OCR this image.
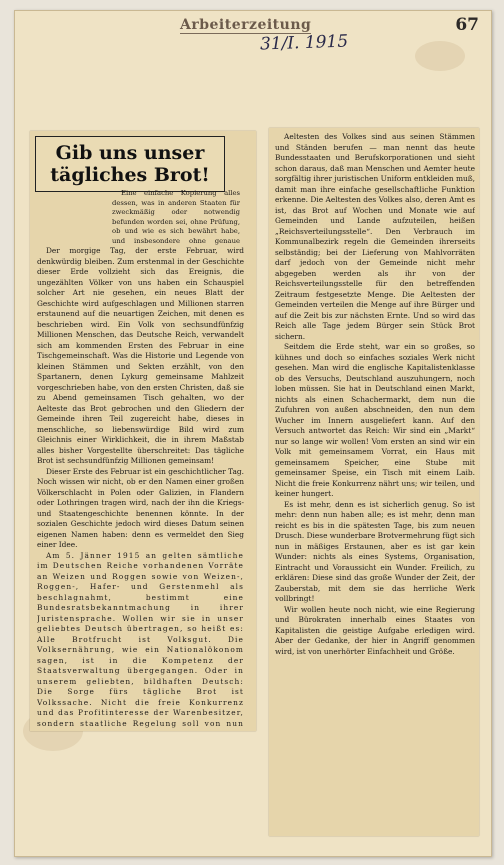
Arbeiterzeitung	67
31/I. 1915
Gib uns unser tägliches Brot!

Eine einfache Kopierung alles dessen, was in anderen Staaten für zweckmäßig oder notwendig befunden worden sei, ohne Prüfung, ob und wie es sich bewährt habe, und insbesondere ohne genaue

Der morgige Tag, der erste Februar, wird denkwürdig bleiben. Zum erstenmal in der Geschichte dieser Erde vollzieht sich das Ereignis, die ungezählten Völker von uns haben ein Schauspiel solcher Art nie gesehen, ein neues Blatt der Geschichte wird aufgeschlagen und Millionen starren erstaunend auf die neuartigen Zeichen, mit denen es beschrieben wird. Ein Volk von sechsundfünfzig Millionen Menschen, das Deutsche Reich, verwandelt sich am kommenden Ersten des Februar in eine Tischgemeinschaft. Was die Historie und Legende von kleinen Stämmen und Sekten erzählt, von den Spartanern, denen Lykurg gemeinsame Mahlzeit vorgeschrieben habe, von den ersten Christen, daß sie zu Abend gemeinsamen Tisch gehalten, wo der Aelteste das Brot gebrochen und den Gliedern der Gemeinde ihren Teil zugereicht habe, dieses in menschliche, so liebenswürdige Bild wird zum Gleichnis einer Wirklichkeit, die in ihrem Maßstab alles bisher Vorgestellte überschreitet: Das tägliche Brot ist sechsundfünfzig Millionen gemeinsam!

Dieser Erste des Februar ist ein geschichtlicher Tag. Noch wissen wir nicht, ob er den Namen einer großen Völkerschlacht in Polen oder Galizien, in Flandern oder Lothringen tragen wird, nach der ihn die Kriegs- und Staatengeschichte benennen könnte. In der sozialen Geschichte jedoch wird dieses Datum seinen eigenen Namen haben: denn es vermeldet den Sieg einer Idee.

Am 5. Jänner 1915 an gelten sämtliche im Deutschen Reiche vorhandenen Vorräte an Weizen und Roggen sowie von Weizen-, Roggen-, Hafer- und Gerstenmehl als beschlagnahmt, bestimmt eine Bundesratsbekanntmachung in ihrer Juristensprache. Wollen wir sie in unser geliebtes Deutsch übertragen, so heißt es: Alle Brotfrucht ist Volksgut. Die Volksernährung, wie ein Nationalökonom sagen, ist in die Kompetenz der Staatsverwaltung übergegangen. Oder in unserem geliebten, bildhaften Deutsch: Die Sorge fürs tägliche Brot ist Volkssache. Nicht die freie Konkurrenz und das Profitinteresse der Warenbesitzer, sondern staatliche Regelung soll von nun

Aeltesten des Volkes sind aus seinen Stämmen und Ständen berufen — man nennt das heute Bundesstaaten und Berufskorporationen und sieht schon daraus, daß man Menschen und Aemter heute sorgfältig ihrer juristischen Uniform entkleiden muß, damit man ihre einfache gesellschaftliche Funktion erkenne. Die Aeltesten des Volkes also, deren Amt es ist, das Brot auf Wochen und Monate wie auf Gemeinden und Lande aufzuteilen, heißen „Reichsverteilungsstelle“. Den Verbrauch im Kommunalbezirk regeln die Gemeinden ihrerseits selbständig; bei der Lieferung von Mahlvorräten darf jedoch von der Gemeinde nicht mehr abgegeben werden als ihr von der Reichsverteilungsstelle für den betreffenden Zeitraum festgesetzte Menge. Die Aeltesten der Gemeinden verteilen die Menge auf ihre Bürger und auf die Zeit bis zur nächsten Ernte. Und so wird das Reich alle Tage jedem Bürger sein Stück Brot sichern.

Seitdem die Erde steht, war ein so großes, so kühnes und doch so einfaches soziales Werk nicht gesehen. Man wird die englische Kapitalistenklasse ob des Versuchs, Deutschland auszuhungern, noch loben müssen. Sie hat in Deutschland einen Markt, nichts als einen Schachermarkt, dem nun die Zufuhren von außen abschneiden, den nun dem Wucher im Innern ausgeliefert kann. Auf den Versuch antwortet das Reich: Wir sind ein „Markt“ nur so lange wir wollen! Vom ersten an sind wir ein Volk mit gemeinsamem Vorrat, ein Haus mit gemeinsamem Speicher, eine Stube mit gemeinsamer Speise, ein Tisch mit einem Laib. Nicht die freie Konkurrenz nährt uns; wir teilen, und keiner hungert.

Es ist mehr, denn es ist sicherlich genug. So ist mehr: denn nun haben alle; es ist mehr, denn man reicht es bis in die spätesten Tage, bis zum neuen Drusch. Diese wunderbare Brotvermehrung fügt sich nun in mäßiges Erstaunen, aber es ist gar kein Wunder: nichts als eines Systems, Organisation, Eintracht und Voraussicht ein Wunder. Freilich, zu erklären: Diese sind das große Wunder der Zeit, der Zauberstab, mit dem sie das herrliche Werk vollbringt!

Wir wollen heute noch nicht, wie eine Regierung und Bürokraten innerhalb eines Staates von Kapitalisten die geistige Aufgabe erledigen wird. Aber der Gedanke, der hier in Angriff genommen wird, ist von unerhörter Einfachheit und Größe.
